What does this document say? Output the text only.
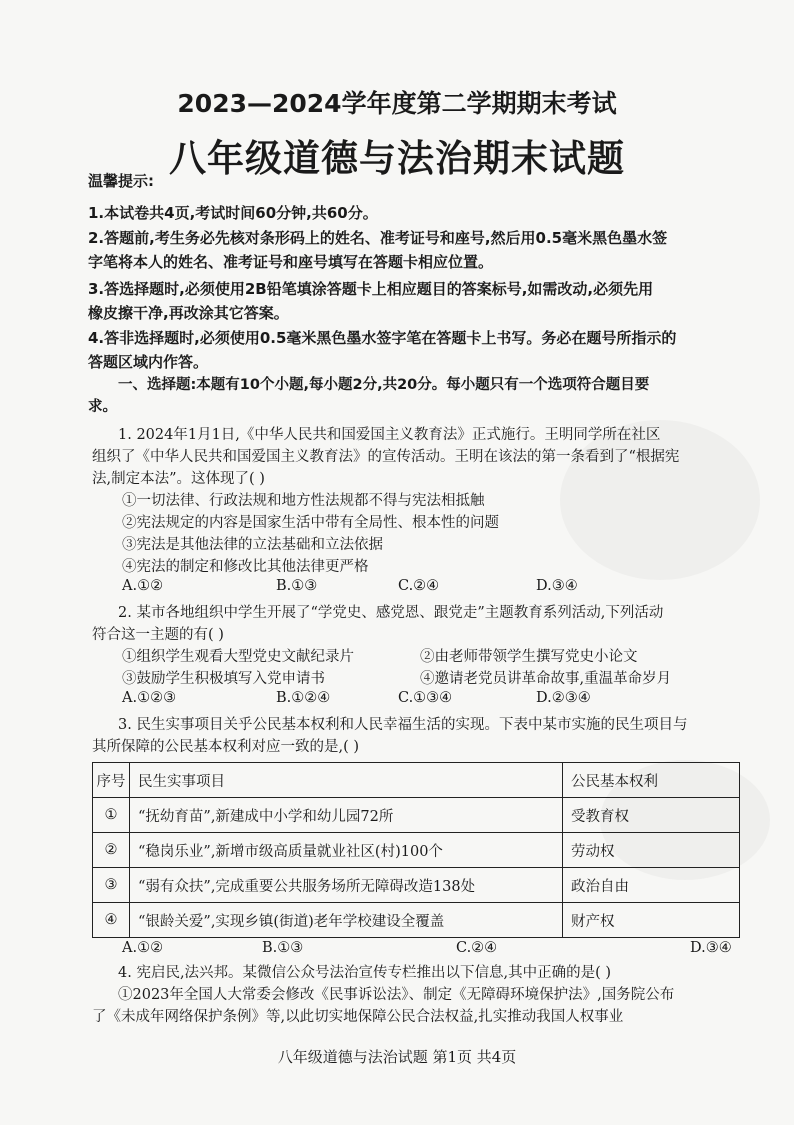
2023—2024学年度第二学期期末考试
八年级道德与法治期末试题
温馨提示:
1.本试卷共4页,考试时间60分钟,共60分。
2.答题前,考生务必先核对条形码上的姓名、准考证号和座号,然后用0.5毫米黑色墨水签
字笔将本人的姓名、准考证号和座号填写在答题卡相应位置。
3.答选择题时,必须使用2B铅笔填涂答题卡上相应题目的答案标号,如需改动,必须先用
橡皮擦干净,再改涂其它答案。
4.答非选择题时,必须使用0.5毫米黑色墨水签字笔在答题卡上书写。务必在题号所指示的
答题区域内作答。
一、选择题:本题有10个小题,每小题2分,共20分。每小题只有一个选项符合题目要
求。
1. 2024年1月1日,《中华人民共和国爱国主义教育法》正式施行。王明同学所在社区
组织了《中华人民共和国爱国主义教育法》的宣传活动。王明在该法的第一条看到了“根据宪
法,制定本法”。这体现了( )
①一切法律、行政法规和地方性法规都不得与宪法相抵触
②宪法规定的内容是国家生活中带有全局性、根本性的问题
③宪法是其他法律的立法基础和立法依据
④宪法的制定和修改比其他法律更严格
A.①②	B.①③	C.②④	D.③④
2. 某市各地组织中学生开展了“学党史、感党恩、跟党走”主题教育系列活动,下列活动
符合这一主题的有( )
①组织学生观看大型党史文献纪录片	②由老师带领学生撰写党史小论文
③鼓励学生积极填写入党申请书	④邀请老党员讲革命故事,重温革命岁月
A.①②③	B.①②④	C.①③④	D.②③④
3. 民生实事项目关乎公民基本权利和人民幸福生活的实现。下表中某市实施的民生项目与
其所保障的公民基本权利对应一致的是,( )
序号	民生实事项目	公民基本权利
①	“抚幼育苗”,新建成中小学和幼儿园72所	受教育权
②	“稳岗乐业”,新增市级高质量就业社区(村)100个	劳动权
③	“弱有众扶”,完成重要公共服务场所无障碍改造138处	政治自由
④	“银龄关爱”,实现乡镇(街道)老年学校建设全覆盖	财产权
A.①②	B.①③	C.②④	D.③④
4. 宪启民,法兴邦。某微信公众号法治宣传专栏推出以下信息,其中正确的是( )
①2023年全国人大常委会修改《民事诉讼法》、制定《无障碍环境保护法》,国务院公布
了《未成年网络保护条例》等,以此切实地保障公民合法权益,扎实推动我国人权事业
八年级道德与法治试题 第1页 共4页
